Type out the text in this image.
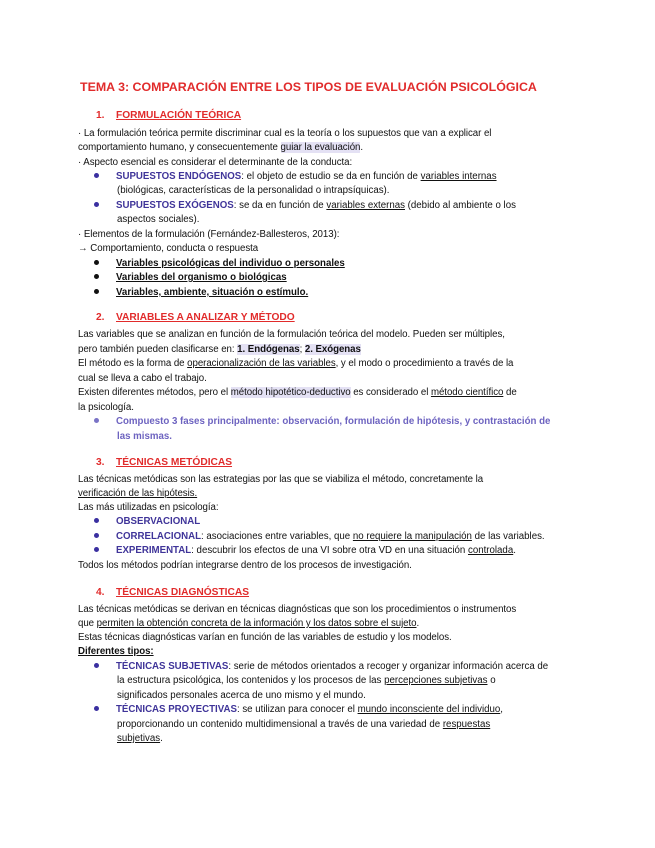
TEMA 3: COMPARACIÓN ENTRE LOS TIPOS DE EVALUACIÓN PSICOLÓGICA
1. FORMULACIÓN TEÓRICA
· La formulación teórica permite discriminar cual es la teoría o los supuestos que van a explicar el
comportamiento humano, y consecuentemente guiar la evaluación.
· Aspecto esencial es considerar el determinante de la conducta:
SUPUESTOS ENDÓGENOS: el objeto de estudio se da en función de variables internas
(biológicas, características de la personalidad o intrapsíquicas).
SUPUESTOS EXÓGENOS: se da en función de variables externas (debido al ambiente o los
aspectos sociales).
· Elementos de la formulación (Fernández-Ballesteros, 2013):
→ Comportamiento, conducta o respuesta
Variables psicológicas del individuo o personales
Variables del organismo o biológicas
Variables, ambiente, situación o estímulo.
2. VARIABLES A ANALIZAR Y MÉTODO
Las variables que se analizan en función de la formulación teórica del modelo. Pueden ser múltiples,
pero también pueden clasificarse en: 1. Endógenas; 2. Exógenas
El método es la forma de operacionalización de las variables, y el modo o procedimiento a través de la
cual se lleva a cabo el trabajo.
Existen diferentes métodos, pero el método hipotético-deductivo es considerado el método científico de
la psicología.
Compuesto 3 fases principalmente: observación, formulación de hipótesis, y contrastación de
las mismas.
3. TÉCNICAS METÓDICAS
Las técnicas metódicas son las estrategias por las que se viabiliza el método, concretamente la
verificación de las hipótesis.
Las más utilizadas en psicología:
OBSERVACIONAL
CORRELACIONAL: asociaciones entre variables, que no requiere la manipulación de las variables.
EXPERIMENTAL: descubrir los efectos de una VI sobre otra VD en una situación controlada.
Todos los métodos podrían integrarse dentro de los procesos de investigación.
4. TÉCNICAS DIAGNÓSTICAS
Las técnicas metódicas se derivan en técnicas diagnósticas que son los procedimientos o instrumentos
que permiten la obtención concreta de la información y los datos sobre el sujeto.
Estas técnicas diagnósticas varían en función de las variables de estudio y los modelos.
Diferentes tipos:
TÉCNICAS SUBJETIVAS: serie de métodos orientados a recoger y organizar información acerca de
la estructura psicológica, los contenidos y los procesos de las percepciones subjetivas o
significados personales acerca de uno mismo y el mundo.
TÉCNICAS PROYECTIVAS: se utilizan para conocer el mundo inconsciente del individuo,
proporcionando un contenido multidimensional a través de una variedad de respuestas
subjetivas.
